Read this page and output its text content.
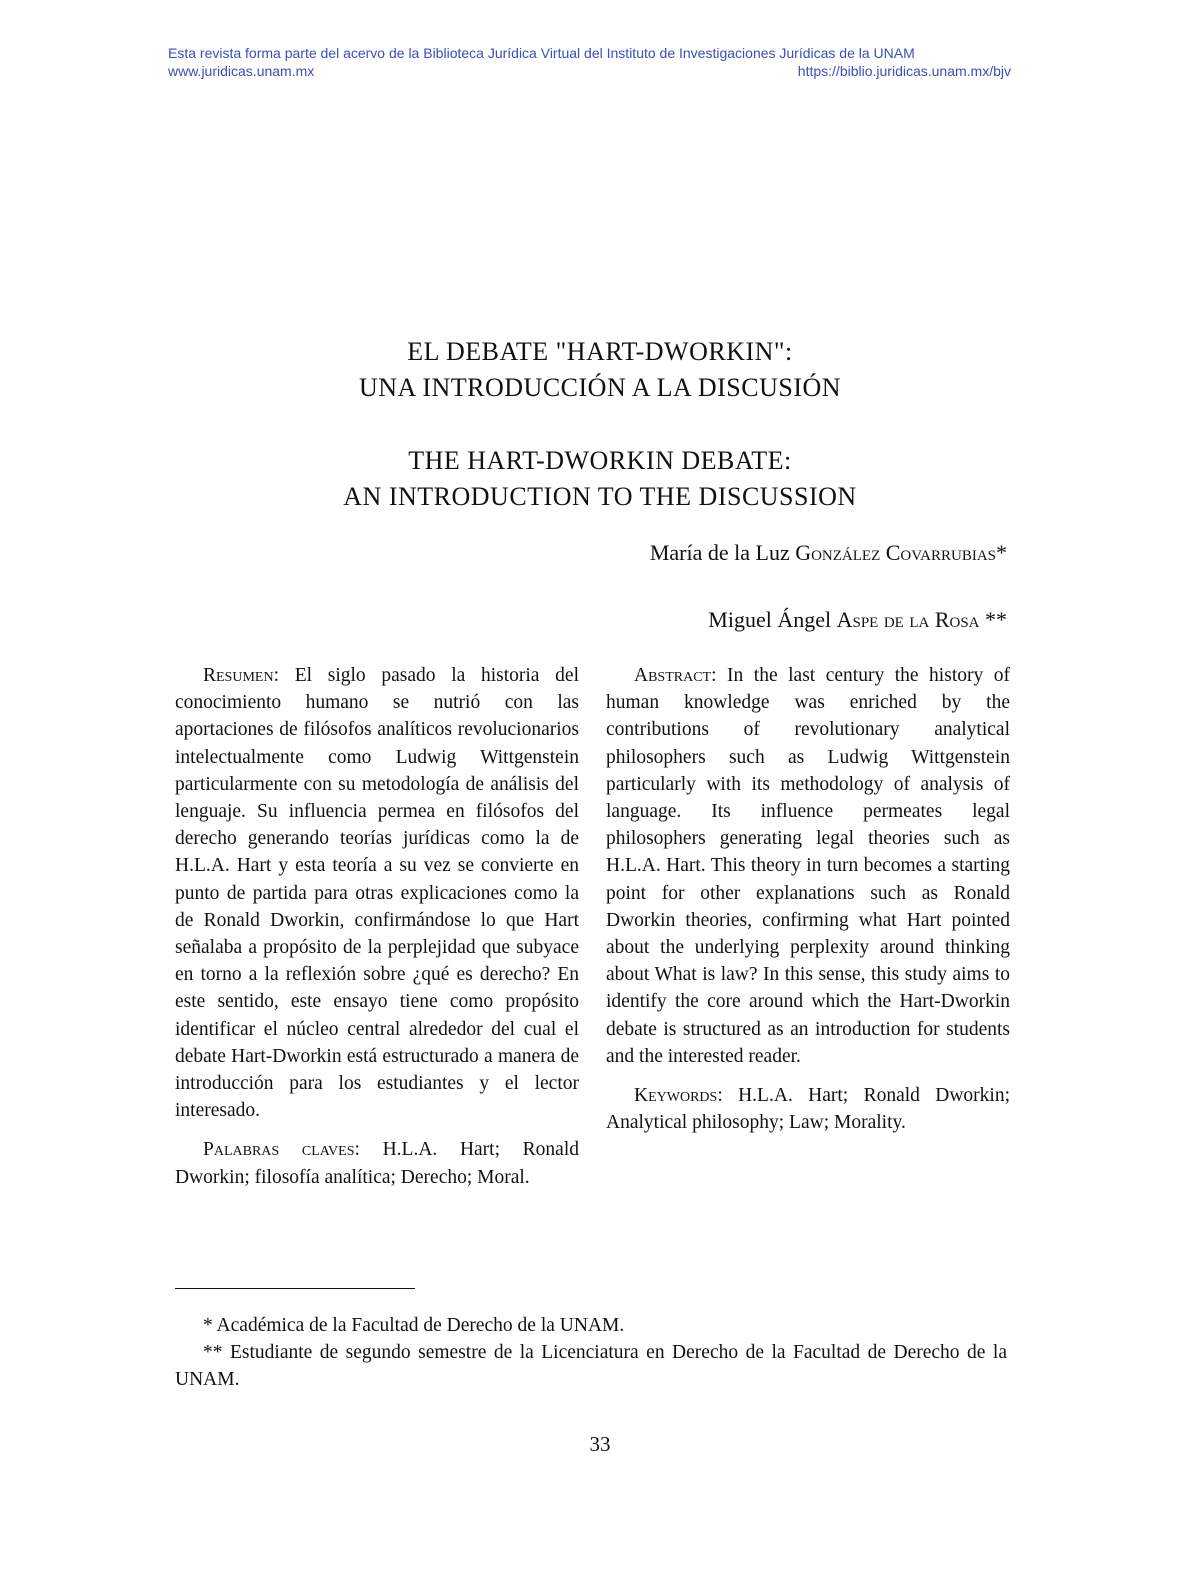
Esta revista forma parte del acervo de la Biblioteca Jurídica Virtual del Instituto de Investigaciones Jurídicas de la UNAM
www.juridicas.unam.mx	https://biblio.juridicas.unam.mx/bjv
EL DEBATE "HART-DWORKIN":
UNA INTRODUCCIÓN A LA DISCUSIÓN
THE HART-DWORKIN DEBATE:
AN INTRODUCTION TO THE DISCUSSION
María de la Luz González Covarrubias*
Miguel Ángel Aspe de la Rosa **

Resumen: El siglo pasado la historia del conocimiento humano se nutrió con las aportaciones de filósofos analíticos revolucionarios intelectualmente como Ludwig Wittgenstein particularmente con su metodología de análisis del lenguaje. Su influencia permea en filósofos del derecho generando teorías jurídicas como la de H.L.A. Hart y esta teoría a su vez se convierte en punto de partida para otras explicaciones como la de Ronald Dworkin, confirmándose lo que Hart señalaba a propósito de la perplejidad que subyace en torno a la reflexión sobre ¿qué es derecho? En este sentido, este ensayo tiene como propósito identificar el núcleo central alrededor del cual el debate Hart-Dworkin está estructurado a manera de introducción para los estudiantes y el lector interesado.

Palabras claves: H.L.A. Hart; Ronald Dworkin; filosofía analítica; Derecho; Moral.

Abstract: In the last century the history of human knowledge was enriched by the contributions of revolutionary analytical philosophers such as Ludwig Wittgenstein particularly with its methodology of analysis of language. Its influence permeates legal philosophers generating legal theories such as H.L.A. Hart. This theory in turn becomes a starting point for other explanations such as Ronald Dworkin theories, confirming what Hart pointed about the underlying perplexity around thinking about What is law? In this sense, this study aims to identify the core around which the Hart-Dworkin debate is structured as an introduction for students and the interested reader.

Keywords: H.L.A. Hart; Ronald Dworkin; Analytical philosophy; Law; Morality.

* Académica de la Facultad de Derecho de la UNAM.

** Estudiante de segundo semestre de la Licenciatura en Derecho de la Facultad de Derecho de la UNAM.

33
